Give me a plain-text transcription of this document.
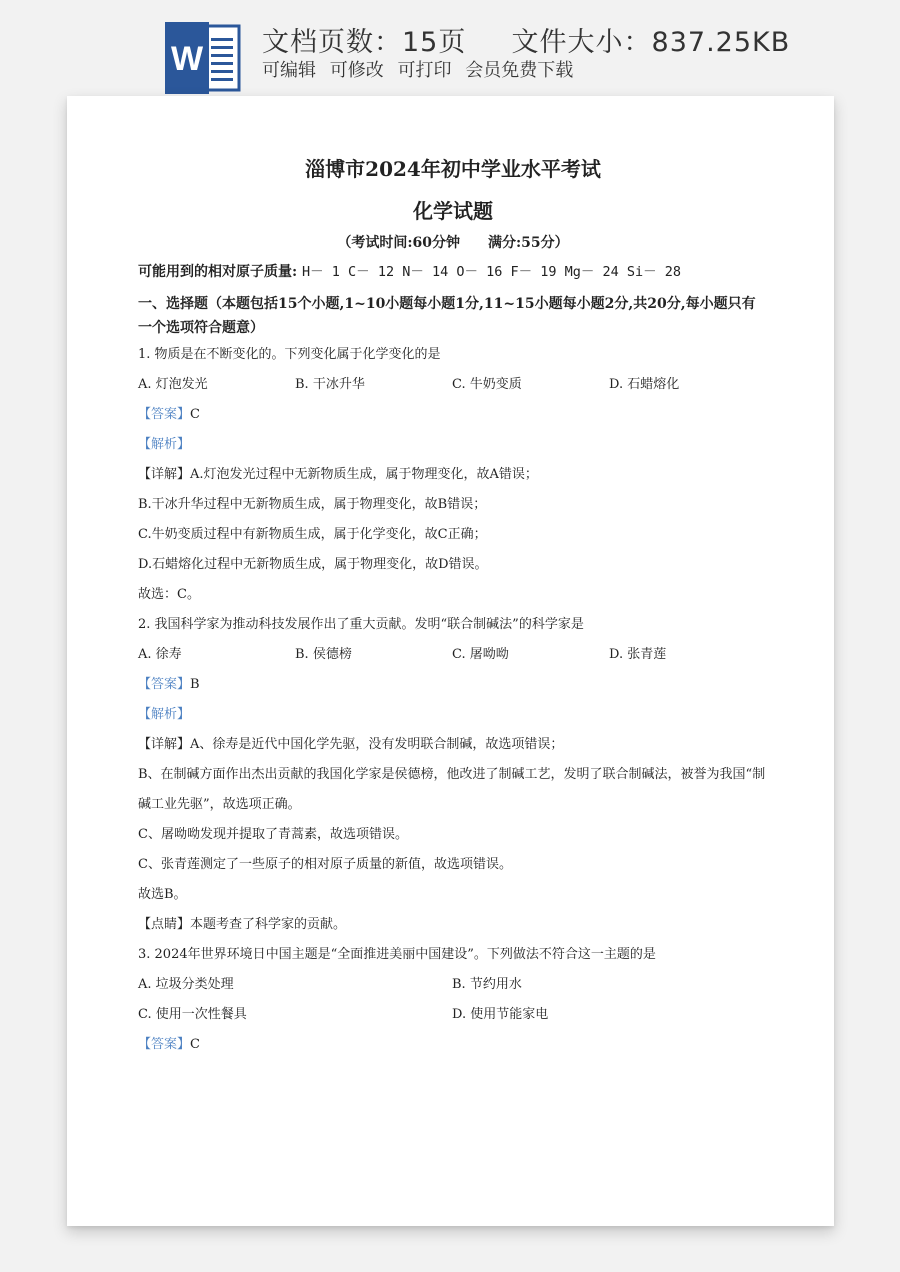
W 文档页数：15页 文件大小：837.25KB
可编辑 可修改 可打印 会员免费下载
淄博市2024年初中学业水平考试
化学试题
（考试时间:60分钟 满分:55分）
可能用到的相对原子质量: H－ 1 C－ 12 N－ 14 O－ 16 F－ 19 Mg－ 24 Si－ 28
一、选择题（本题包括15个小题,1~10小题每小题1分,11~15小题每小题2分,共20分,每小题只有一个选项符合题意）
1. 物质是在不断变化的。下列变化属于化学变化的是
A. 灯泡发光	B. 干冰升华	C. 牛奶变质	D. 石蜡熔化
【答案】C
【解析】
【详解】A.灯泡发光过程中无新物质生成，属于物理变化，故A错误；
B.干冰升华过程中无新物质生成，属于物理变化，故B错误；
C.牛奶变质过程中有新物质生成，属于化学变化，故C正确；
D.石蜡熔化过程中无新物质生成，属于物理变化，故D错误。
故选：C。
2. 我国科学家为推动科技发展作出了重大贡献。发明“联合制碱法”的科学家是
A. 徐寿	B. 侯德榜	C. 屠呦呦	D. 张青莲
【答案】B
【解析】
【详解】A、徐寿是近代中国化学先驱，没有发明联合制碱，故选项错误；
B、在制碱方面作出杰出贡献的我国化学家是侯德榜，他改进了制碱工艺，发明了联合制碱法，被誉为我国“制碱工业先驱”，故选项正确。
C、屠呦呦发现并提取了青蒿素，故选项错误。
C、张青莲测定了一些原子的相对原子质量的新值，故选项错误。
故选B。
【点睛】本题考查了科学家的贡献。
3. 2024年世界环境日中国主题是“全面推进美丽中国建设”。下列做法不符合这一主题的是
A. 垃圾分类处理	B. 节约用水
C. 使用一次性餐具	D. 使用节能家电
【答案】C
